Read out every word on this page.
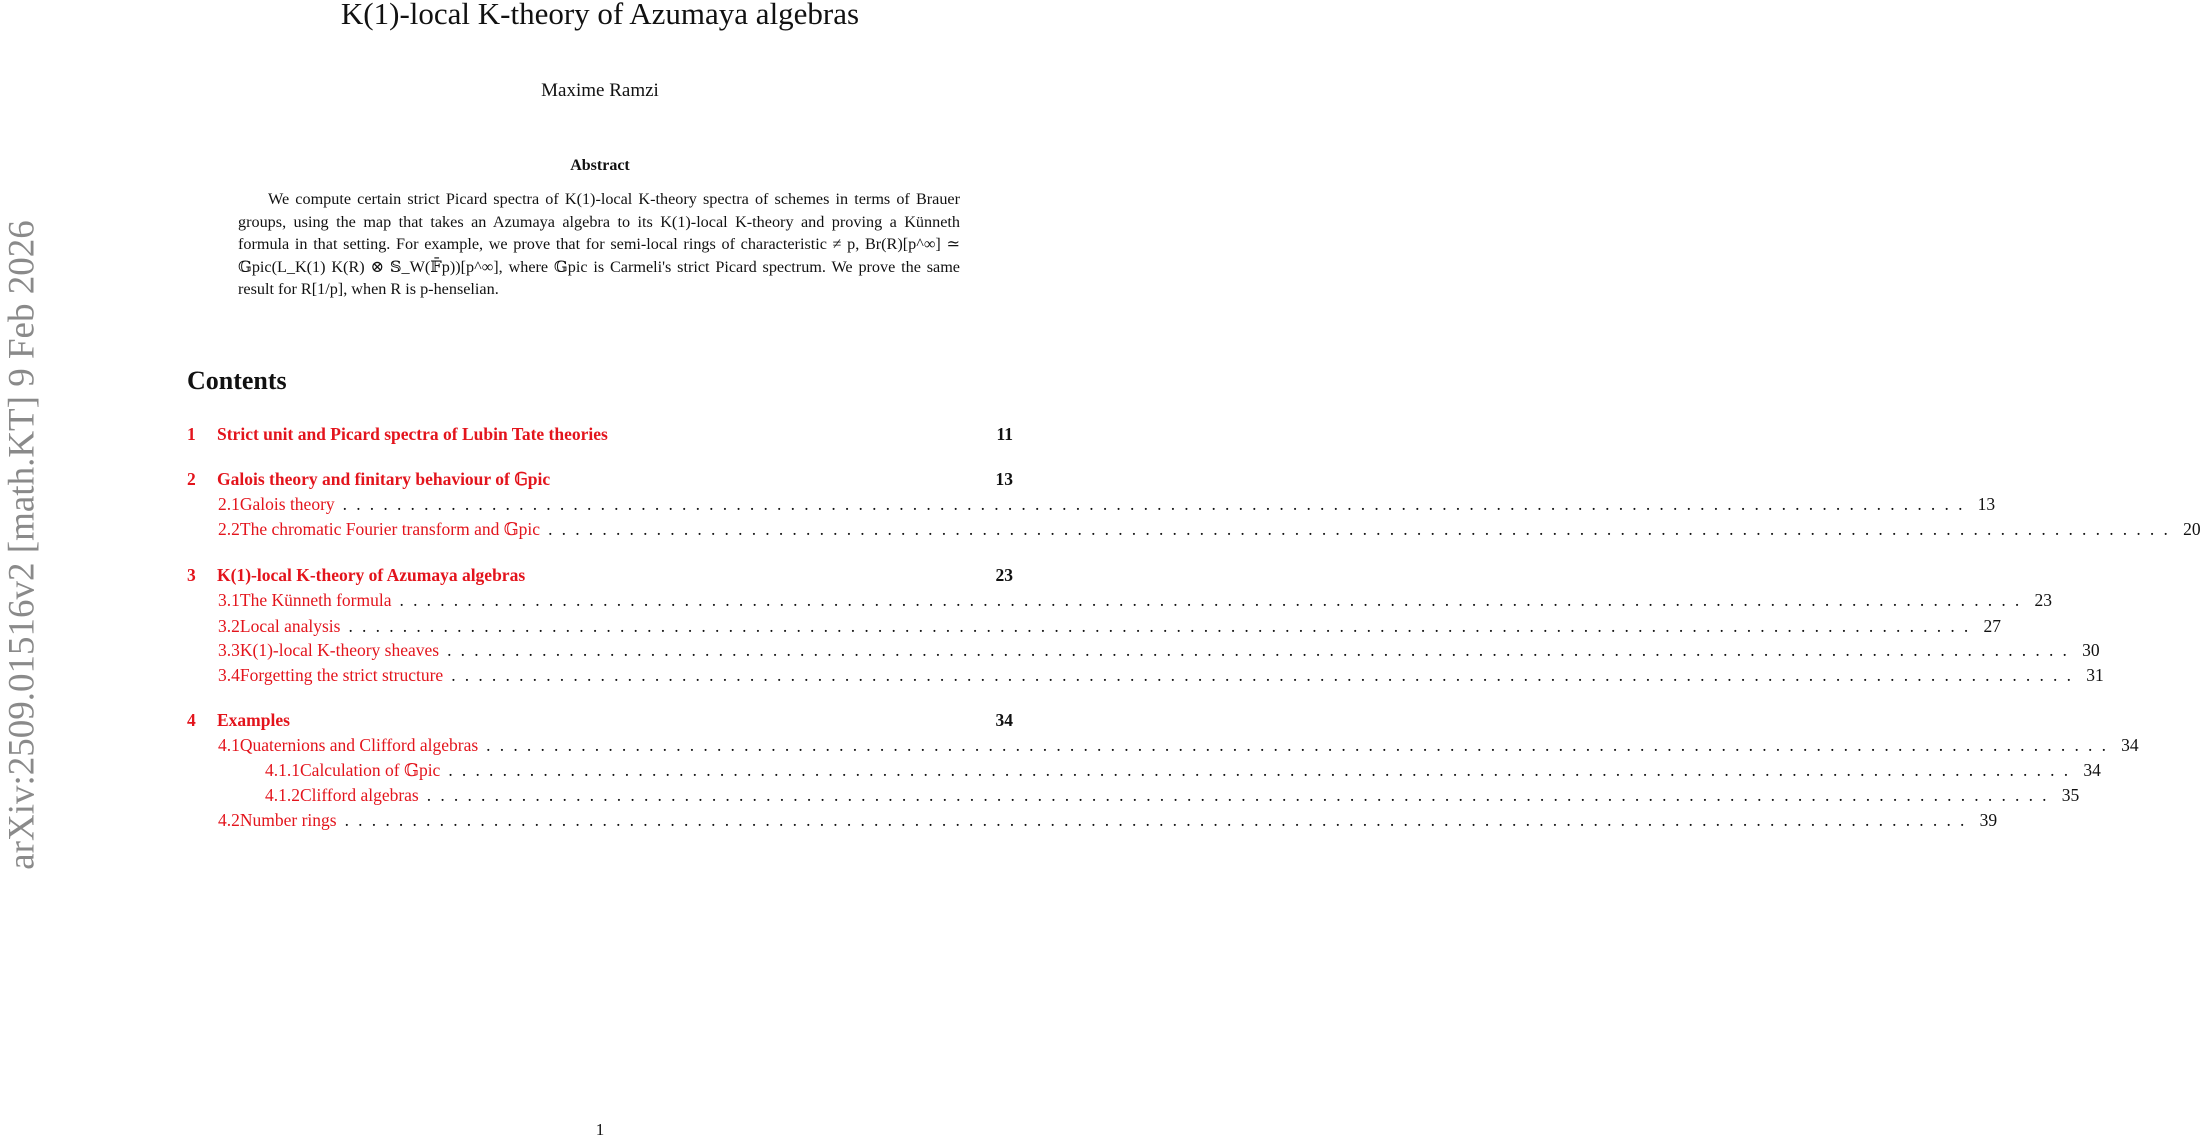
arXiv:2509.01516v2 [math.KT] 9 Feb 2026
K(1)-local K-theory of Azumaya algebras
Maxime Ramzi
Abstract
We compute certain strict Picard spectra of K(1)-local K-theory spectra of schemes in terms of Brauer groups, using the map that takes an Azumaya algebra to its K(1)-local K-theory and proving a Künneth formula in that setting. For example, we prove that for semi-local rings of characteristic ≠ p, Br(R)[p^∞] ≃ 𝔾pic(L_K(1) K(R) ⊗ 𝕊_W(𝔽̄p))[p^∞], where 𝔾pic is Carmeli's strict Picard spectrum. We prove the same result for R[1/p], when R is p-henselian.
Contents
1	Strict unit and Picard spectra of Lubin Tate theories	11
2	Galois theory and finitary behaviour of 𝔾pic	13
2.1 Galois theory ........................................................................................................................ 13
2.2 The chromatic Fourier transform and 𝔾pic ........................................................................................................................ 20
3	K(1)-local K-theory of Azumaya algebras	23
3.1 The Künneth formula ........................................................................................................................ 23
3.2 Local analysis ........................................................................................................................ 27
3.3 K(1)-local K-theory sheaves ........................................................................................................................ 30
3.4 Forgetting the strict structure ........................................................................................................................ 31
4	Examples	34
4.1 Quaternions and Clifford algebras ........................................................................................................................ 34
4.1.1 Calculation of 𝔾pic ........................................................................................................................ 34
4.1.2 Clifford algebras ........................................................................................................................ 35
4.2 Number rings ........................................................................................................................ 39
1
